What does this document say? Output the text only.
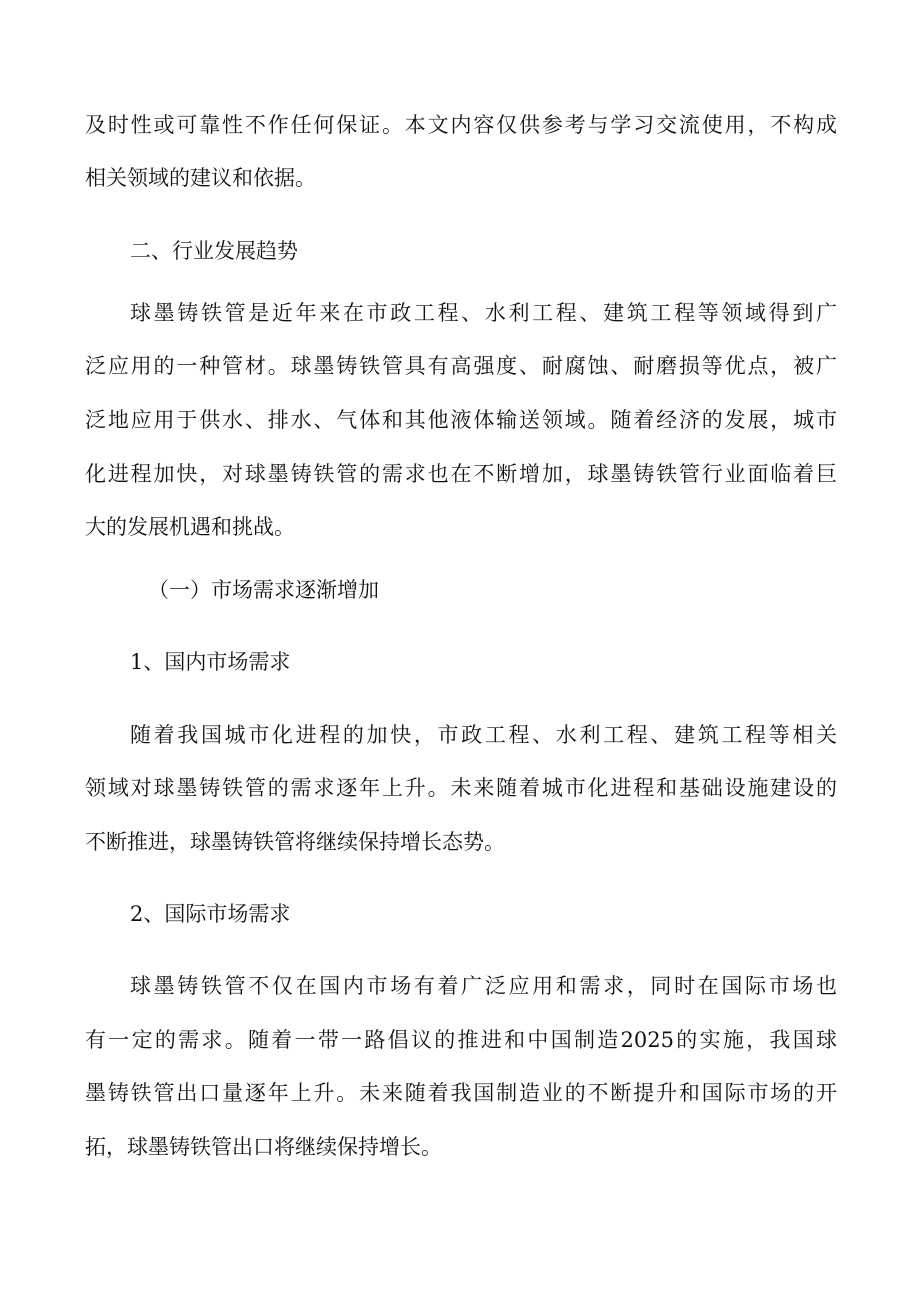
及时性或可靠性不作任何保证。本文内容仅供参考与学习交流使用，不构成
相关领域的建议和依据。
二、行业发展趋势
球墨铸铁管是近年来在市政工程、水利工程、建筑工程等领域得到广
泛应用的一种管材。球墨铸铁管具有高强度、耐腐蚀、耐磨损等优点，被广
泛地应用于供水、排水、气体和其他液体输送领域。随着经济的发展，城市
化进程加快，对球墨铸铁管的需求也在不断增加，球墨铸铁管行业面临着巨
大的发展机遇和挑战。
（一）市场需求逐渐增加
1、国内市场需求
随着我国城市化进程的加快，市政工程、水利工程、建筑工程等相关
领域对球墨铸铁管的需求逐年上升。未来随着城市化进程和基础设施建设的
不断推进，球墨铸铁管将继续保持增长态势。
2、国际市场需求
球墨铸铁管不仅在国内市场有着广泛应用和需求，同时在国际市场也
有一定的需求。随着一带一路倡议的推进和中国制造2025的实施，我国球
墨铸铁管出口量逐年上升。未来随着我国制造业的不断提升和国际市场的开
拓，球墨铸铁管出口将继续保持增长。
